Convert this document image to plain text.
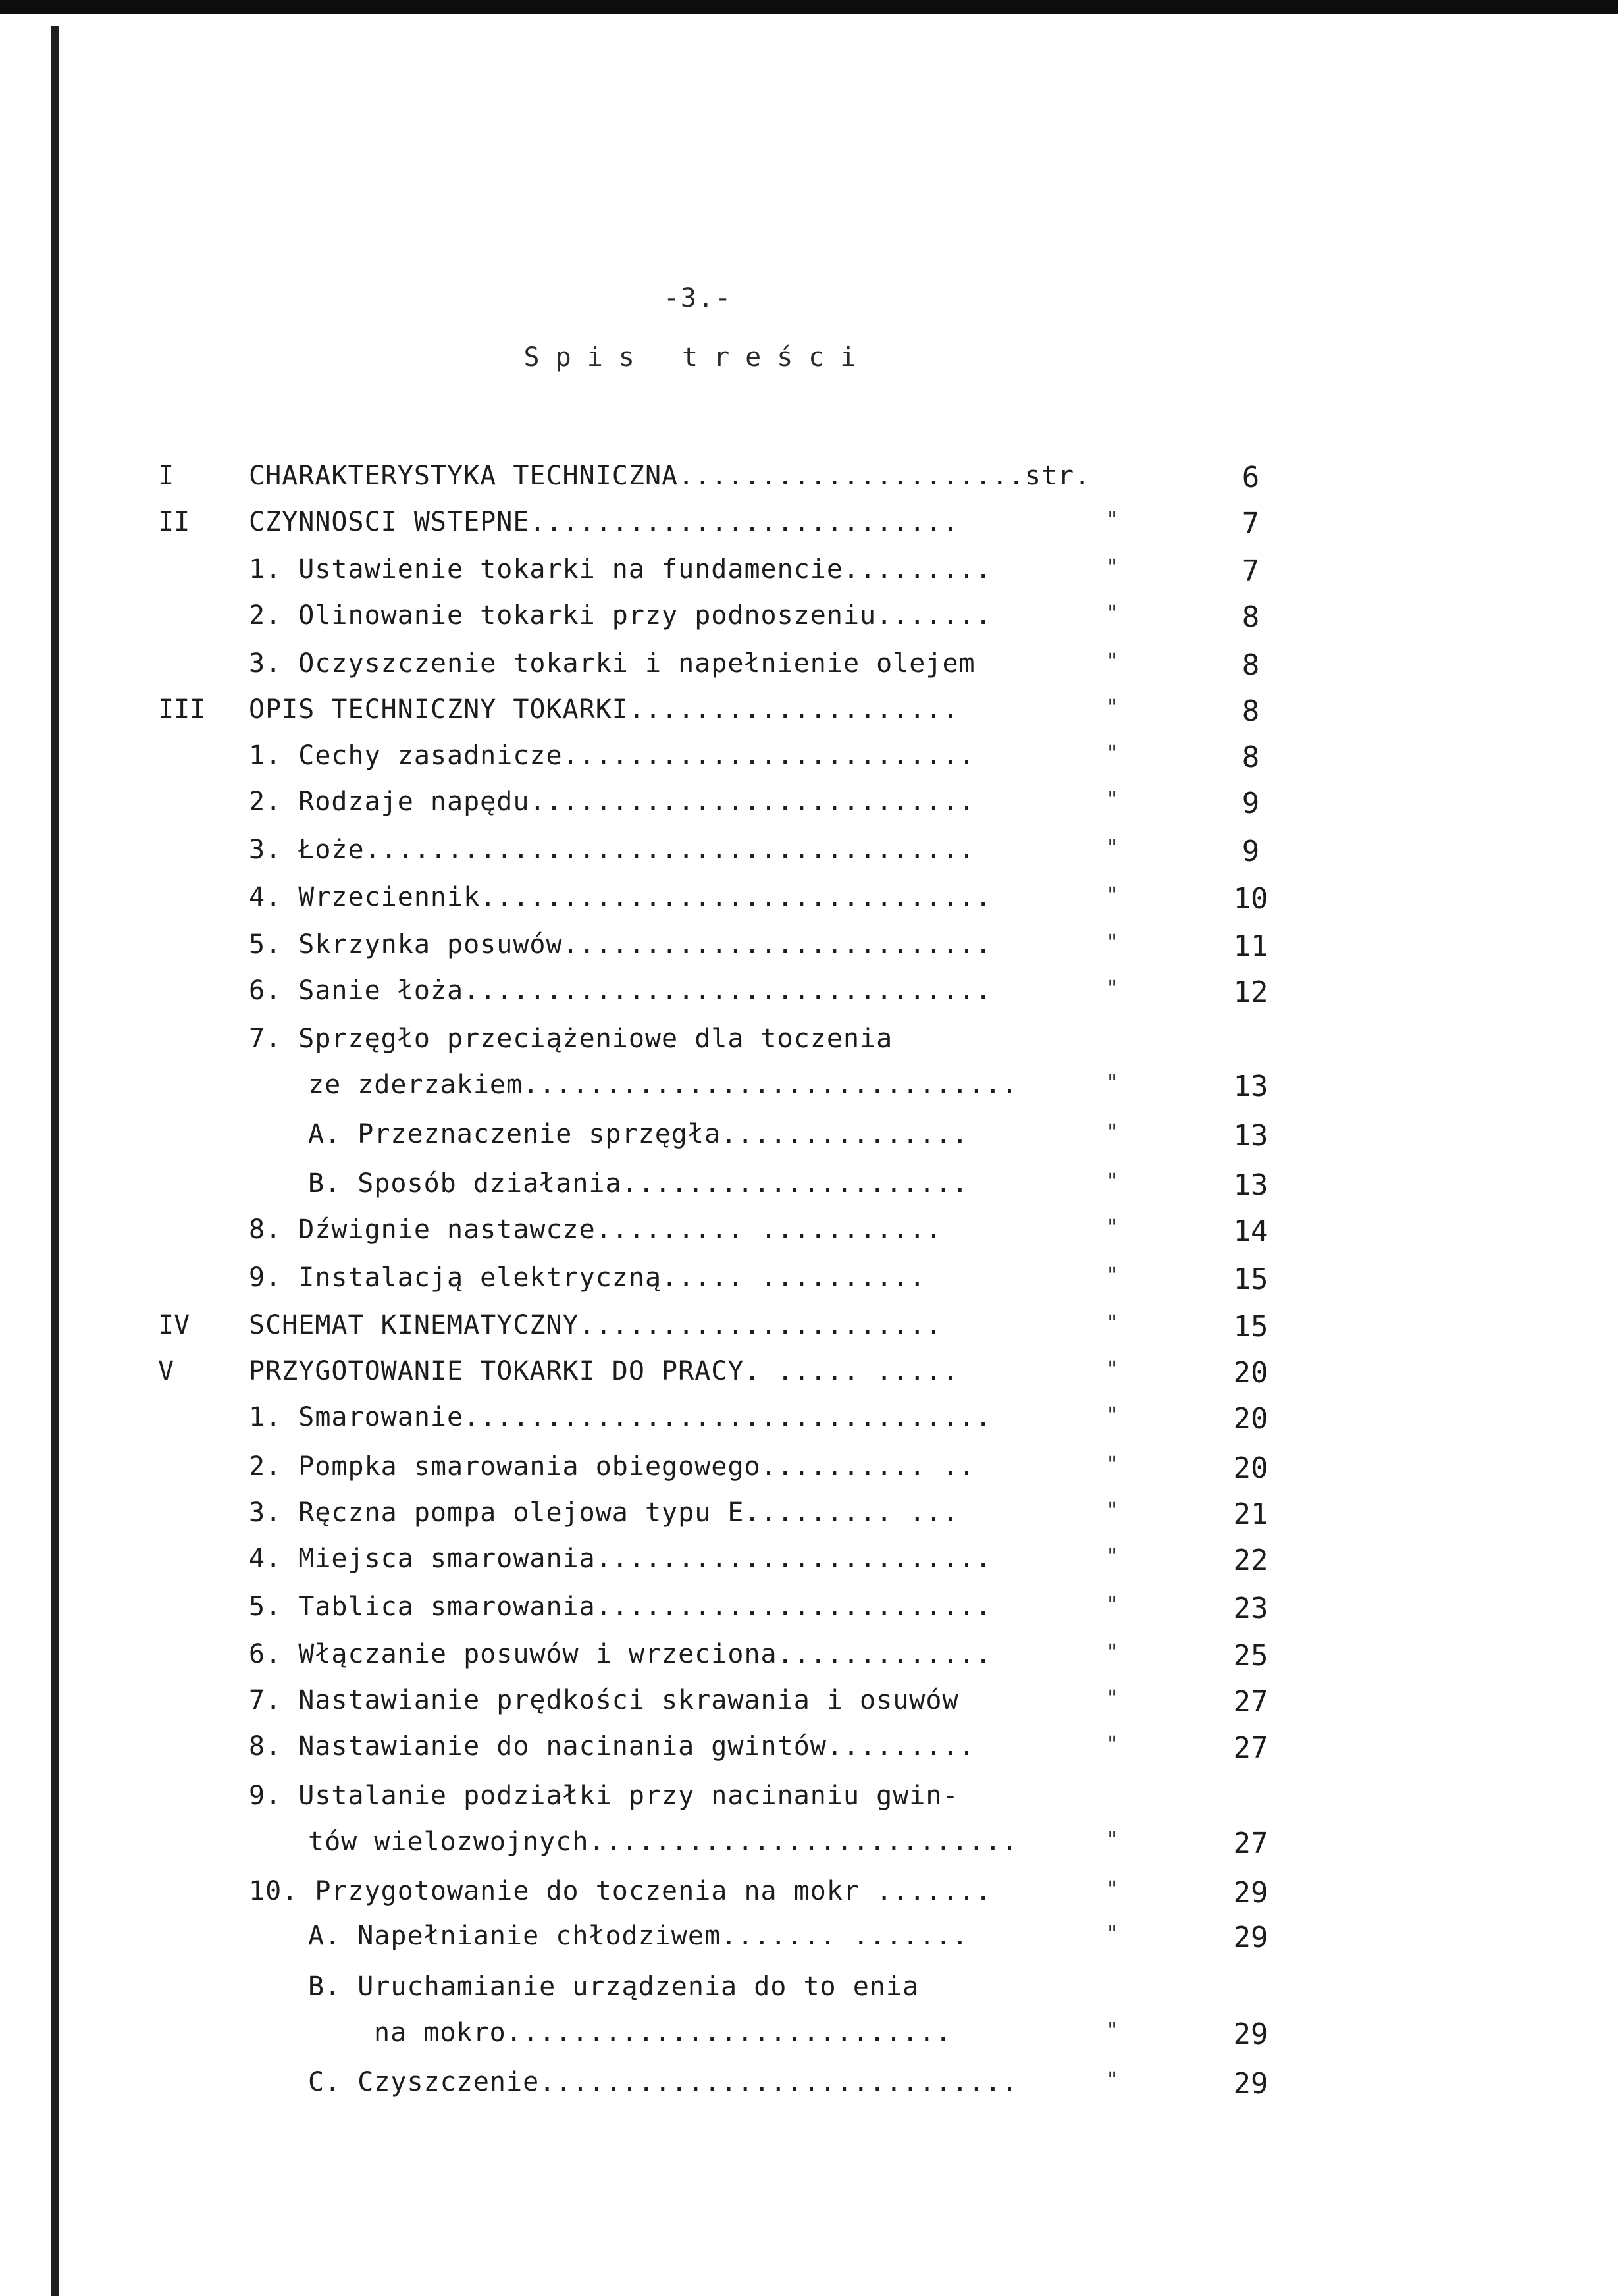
-3.-
Spis treści
I	CHARAKTERYSTYKA TECHNICZNA.....................str.	6
II CZYNNOSCI WSTEPNE..........................	"	7
1. Ustawienie tokarki na fundamencie.........	"	7
2. Olinowanie tokarki przy podnoszeniu.......	"	8
3. Oczyszczenie tokarki i napełnienie olejem	"	8
III OPIS TECHNICZNY TOKARKI....................	"	8
1. Cechy zasadnicze.........................	"	8
2. Rodzaje napędu...........................	"	9
3. Łoże.....................................	"	9
4. Wrzeciennik...............................	"	10
5. Skrzynka posuwów..........................	"	11
6. Sanie łoża................................	"	12
7. Sprzęgło przeciążeniowe dla toczenia
ze zderzakiem..............................	"	13
A. Przeznaczenie sprzęgła...............	"	13
B. Sposób działania.....................	"	13
8. Dźwignie nastawcze......... ...........	"	14
9. Instalacją elektryczną..... ..........	"	15
IV SCHEMAT KINEMATYCZNY......................	"	15
V	PRZYGOTOWANIE TOKARKI DO PRACY. ..... .....	"	20
1. Smarowanie................................	"	20
2. Pompka smarowania obiegowego.......... ..	"	20
3. Ręczna pompa olejowa typu E......... ...	"	21
4. Miejsca smarowania........................	"	22
5. Tablica smarowania........................	"	23
6. Włączanie posuwów i wrzeciona.............	"	25
7. Nastawianie prędkości skrawania i osuwów	"	27
8. Nastawianie do nacinania gwintów.........	"	27
9. Ustalanie podziałki przy nacinaniu gwin-
tów wielozwojnych..........................	"	27
10. Przygotowanie do toczenia na mokr .......	"	29
A. Napełnianie chłodziwem....... .......	"	29
B. Uruchamianie urządzenia do to enia
na mokro...........................	"	29
C. Czyszczenie.............................	"	29
